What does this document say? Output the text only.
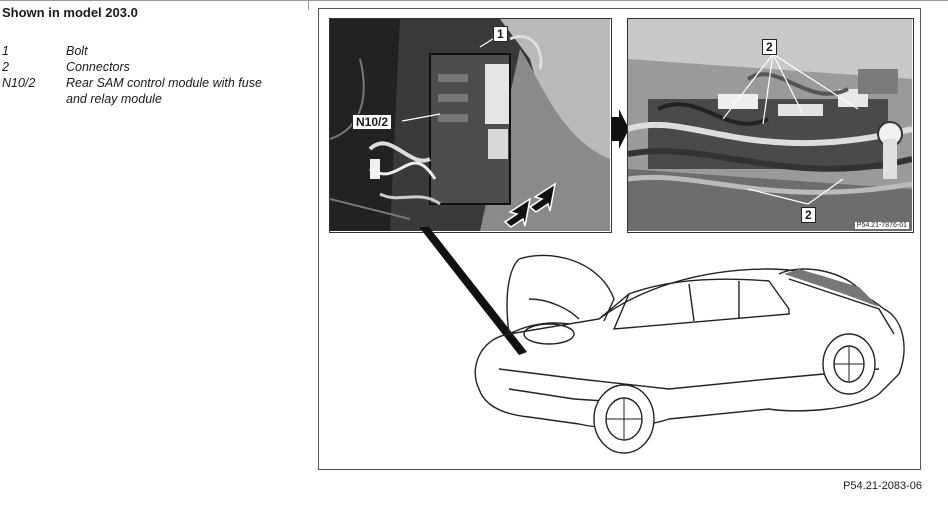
Shown in model 203.0
1	Bolt
2	Connectors
N10/2	Rear SAM control module with fuse and relay module
1
N10/2
2
2
P54.21-7876-01
P54.21-2083-06
